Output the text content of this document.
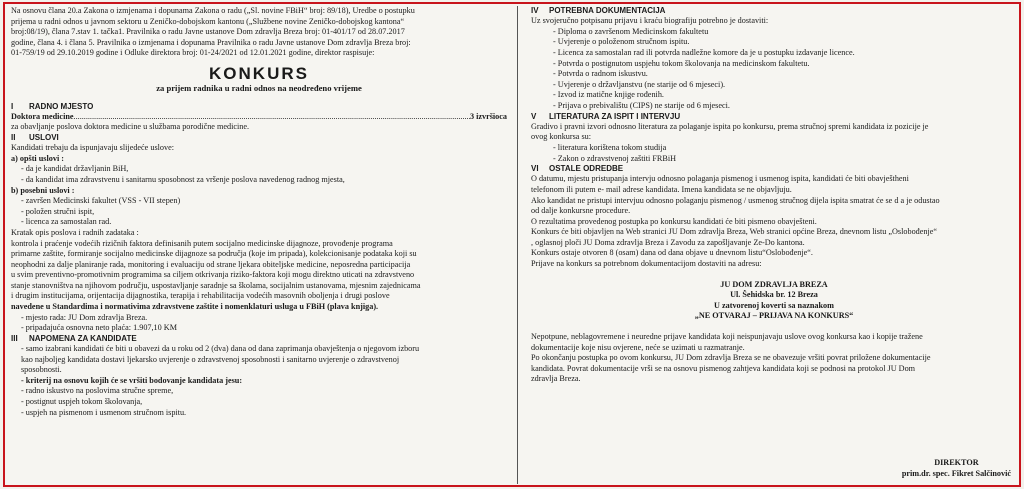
Na osnovu člana 20.a Zakona o izmjenama i dopunama Zakona o radu („Sl. novine FBiH“ broj: 89/18), Uredbe o postupku

prijema u radni odnos u javnom sektoru u Zeničko-dobojskom kantonu („Službene novine Zeničko-dobojskog kantona“

broj:08/19), člana 7.stav 1. tačka1. Pravilnika o radu Javne ustanove Dom zdravlja Breza broj: 01-401/17 od 28.07.2017

godine, člana 4. i člana 5. Pravilnika o izmjenama i dopunama Pravilnika o radu Javne ustanove Dom zdravlja Breza broj:

01-759/19 od 29.10.2019 godine i Odluke direktora broj: 01-24/2021 od 12.01.2021 godine, direktor raspisuje:

KONKURS
za prijem radnika u radni odnos na neodređeno vrijeme
I RADNO MJESTO
Doktora medicine
.....	3 izvršioca

za obavljanje poslova doktora medicine u službama porodične medicine.

II USLOVI

Kandidati trebaju da ispunjavaju slijedeće uslove:

a) opšti uslovi :

- da je kandidat državljanin BiH,

- da kandidat ima zdravstvenu i sanitarnu sposobnost za vršenje poslova navedenog radnog mjesta,

b) posebni uslovi :

- završen Medicinski fakultet (VSS - VII stepen)

- položen stručni ispit,

- licenca za samostalan rad.

Kratak opis poslova i radnih zadataka :

kontrola i praćenje vodećih rizičnih faktora definisanih putem socijalno medicinske dijagnoze, provođenje programa

primarne zaštite, formiranje socijalno medicinske dijagnoze sa područja (koje im pripada), kolekcionisanje podataka koji su

neophodni za dalje planiranje rada, monitoring i evaluaciju od strane ljekara obiteljske medicine, neposredna participacija

u svim preventivno-promotivnim programima sa ciljem otkrivanja riziko-faktora koji mogu direktno uticati na zdravstveno

stanje stanovništva na njihovom području, uspostavljanje saradnje sa školama, socijalnim ustanovama, mjesnim zajednicama

i drugim institucijama, orijentacija dijagnostika, terapija i rehabilitacija vodećih masovnih oboljenja i drugi poslove

navedene u Standardima i normativima zdravstvene zaštite i nomenklaturi usluga u FBiH (plava knjiga).

- mjesto rada: JU Dom zdravlja Breza.

- pripadajuća osnovna neto plaća: 1.907,10 KM

III NAPOMENA ZA KANDIDATE

- samo izabrani kandidati će biti u obavezi da u roku od 2 (dva) dana od dana zaprimanja obavještenja o njegovom izboru

kao najboljeg kandidata dostavi ljekarsko uvjerenje o zdravstvenoj sposobnosti i sanitarno uvjerenje o zdravstvenoj

sposobnosti.

- kriterij na osnovu kojih će se vršiti bodovanje kandidata jesu:

- radno iskustvo na poslovima stručne spreme,

- postignut uspjeh tokom školovanja,

- uspjeh na pismenom i usmenom stručnom ispitu.

IV POTREBNA DOKUMENTACIJA

Uz svojeručno potpisanu prijavu i kraću biografiju potrebno je dostaviti:

- Diploma o završenom Medicinskom fakultetu

- Uvjerenje o položenom stručnom ispitu.

- Licenca za samostalan rad ili potvrda nadležne komore da je u postupku izdavanje licence.

- Potvrda o postignutom uspjehu tokom školovanja na medicinskom fakultetu.

- Potvrda o radnom iskustvu.

- Uvjerenje o državljanstvu (ne starije od 6 mjeseci).

- Izvod iz matične knjige rođenih.

- Prijava o prebivalištu (CIPS) ne starije od 6 mjeseci.

V LITERATURA ZA ISPIT I INTERVJU

Gradivo i pravni izvori odnosno literatura za polaganje ispita po konkursu, prema stručnoj spremi kandidata iz pozicije je

ovog konkursa su:

- literatura korištena tokom studija

- Zakon o zdravstvenoj zaštiti FRBiH

VI OSTALE ODREDBE

O datumu, mjestu pristupanja intervju odnosno polaganja pismenog i usmenog ispita, kandidati će biti obavještheni

telefonom ili putem e- mail adrese kandidata. Imena kandidata se ne objavljuju.

Ako kandidat ne pristupi intervjuu odnosno polaganju pismenog / usmenog stručnog dijela ispita smatrat će se d a je odustao

od dalje konkursne procedure.

O rezultatima provedenog postupka po konkursu kandidati će biti pismeno obavješteni.

Konkurs će biti objavljen na Web stranici JU Dom zdravlja Breza, Web stranici općine Breza, dnevnom listu „Oslobođenje“

, oglasnoj ploči JU Doma zdravlja Breza i Zavodu za zapošljavanje Ze-Do kantona.

Konkurs ostaje otvoren 8 (osam) dana od dana objave u dnevnom listu“Oslobođenje“.

Prijave na konkurs sa potrebnom dokumentacijom dostaviti na adresu:

JU DOM ZDRAVLJA BREZA

Ul. Šehidska br. 12 Breza

U zatvorenoj koverti sa naznakom

„NE OTVARAJ – PRIJAVA NA KONKURS“

Nepotpune, neblagovremene i neuredne prijave kandidata koji neispunjavaju uslove ovog konkursa kao i kopije tražene

dokumentacije koje nisu ovjerene, neće se uzimati u razmatranje.

Po okončanju postupka po ovom konkursu, JU Dom zdravlja Breza se ne obavezuje vršiti povrat priložene dokumentacije

kandidata. Povrat dokumentacije vrši se na osnovu pismenog zahtjeva kandidata koji se podnosi na protokol JU Dom

zdravlja Breza.

DIREKTOR

prim.dr. spec. Fikret Salčinović
